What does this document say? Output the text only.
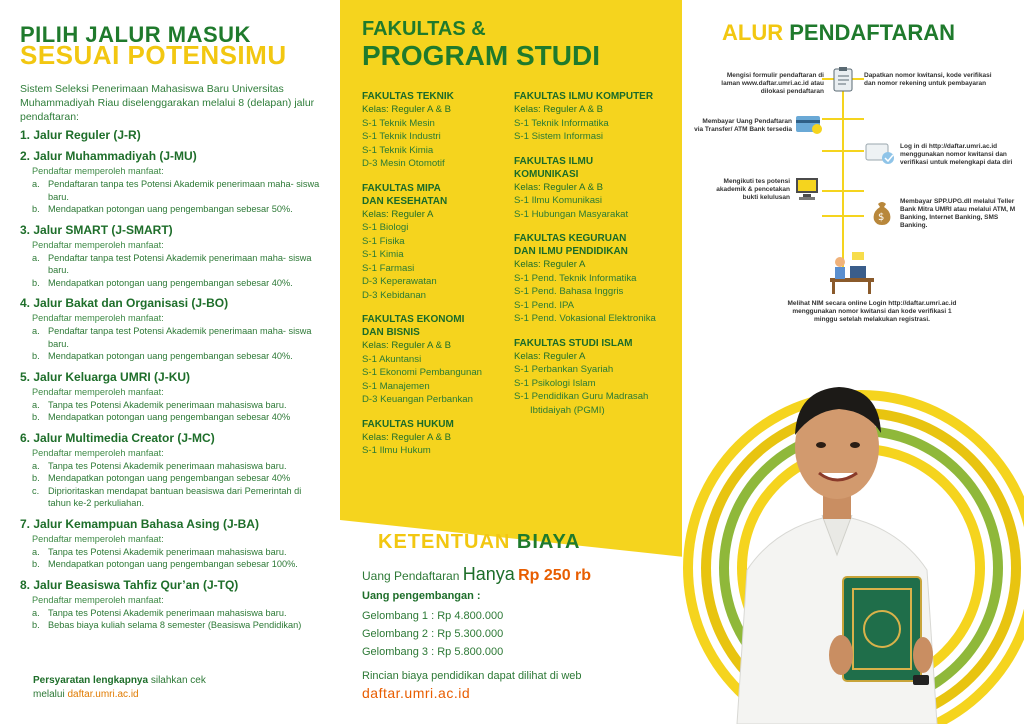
PILIH JALUR MASUK
SESUAI POTENSIMU
Sistem Seleksi Penerimaan Mahasiswa Baru Universitas Muhammadiyah Riau diselenggarakan melalui 8 (delapan) jalur pendaftaran:
1. Jalur Reguler (J-R)
2. Jalur Muhammadiyah (J-MU)
Pendaftar memperoleh manfaat:
a. Pendaftaran tanpa tes Potensi Akademik penerimaan maha- siswa baru.
b. Mendapatkan potongan uang pengembangan sebesar 50%.
3. Jalur SMART (J-SMART)
Pendaftar memperoleh manfaat:
a. Pendaftar tanpa test Potensi Akademik penerimaan maha- siswa baru.
b. Mendapatkan potongan uang pengembangan sebesar 40%.
4. Jalur Bakat dan Organisasi (J-BO)
Pendaftar memperoleh manfaat:
a. Pendaftar tanpa test Potensi Akademik penerimaan maha- siswa baru.
b. Mendapatkan potongan uang pengembangan sebesar 40%.
5. Jalur Keluarga UMRI (J-KU)
Pendaftar memperoleh manfaat:
a. Tanpa tes Potensi Akademik penerimaan mahasiswa baru.
b. Mendapatkan potongan uang pengembangan sebesar 40%
6. Jalur Multimedia Creator (J-MC)
Pendaftar memperoleh manfaat:
a. Tanpa tes Potensi Akademik penerimaan mahasiswa baru.
b. Mendapatkan potongan uang pengembangan sebesar 40%
c. Diprioritaskan mendapat bantuan beasiswa dari Pemerintah di tahun ke-2 perkuliahan.
7. Jalur Kemampuan Bahasa Asing (J-BA)
Pendaftar memperoleh manfaat:
a. Tanpa tes Potensi Akademik penerimaan mahasiswa baru.
b. Mendapatkan potongan uang pengembangan sebesar 100%.
8. Jalur Beasiswa Tahfiz Qur’an (J-TQ)
Pendaftar memperoleh manfaat:
a. Tanpa tes Potensi Akademik penerimaan mahasiswa baru.
b. Bebas biaya kuliah selama 8 semester (Beasiswa Pendidikan)
Persyaratan lengkapnya silahkan cek
melalui daftar.umri.ac.id
FAKULTAS &
PROGRAM STUDI
FAKULTAS TEKNIK
Kelas: Reguler A & B
S-1 Teknik Mesin
S-1 Teknik Industri
S-1 Teknik Kimia
D-3 Mesin Otomotif
FAKULTAS MIPA
DAN KESEHATAN
Kelas: Reguler A
S-1 Biologi
S-1 Fisika
S-1 Kimia
S-1 Farmasi
D-3 Keperawatan
D-3 Kebidanan
FAKULTAS EKONOMI
DAN BISNIS
Kelas: Reguler A & B
S-1 Akuntansi
S-1 Ekonomi Pembangunan
S-1 Manajemen
D-3 Keuangan Perbankan
FAKULTAS HUKUM
Kelas: Reguler A & B
S-1 Ilmu Hukum
FAKULTAS ILMU KOMPUTER
Kelas: Reguler A & B
S-1 Teknik Informatika
S-1 Sistem Informasi
FAKULTAS ILMU
KOMUNIKASI
Kelas: Reguler A & B
S-1 Ilmu Komunikasi
S-1 Hubungan Masyarakat
FAKULTAS KEGURUAN
DAN ILMU PENDIDIKAN
Kelas: Reguler A
S-1 Pend. Teknik Informatika
S-1 Pend. Bahasa Inggris
S-1 Pend. IPA
S-1 Pend. Vokasional Elektronika
FAKULTAS STUDI ISLAM
Kelas: Reguler A
S-1 Perbankan Syariah
S-1 Psikologi Islam
S-1 Pendidikan Guru Madrasah
Ibtidaiyah (PGMI)
KETENTUAN BIAYA
Uang Pendaftaran Hanya Rp 250 rb
Uang pengembangan :
Gelombang 1 : Rp 4.800.000
Gelombang 2 : Rp 5.300.000
Gelombang 3 : Rp 5.800.000
Rincian biaya pendidikan dapat dilihat di web
daftar.umri.ac.id
ALUR PENDAFTARAN
Mengisi formulir pendaftaran di laman www.daftar.umri.ac.id atau dilokasi pendaftaran
Dapatkan nomor kwitansi, kode verifikasi dan nomor rekening untuk pembayaran
Membayar Uang Pendaftaran via Transfer/ ATM Bank tersedia
Log in di http://daftar.umri.ac.id menggunakan nomor kwitansi dan verifikasi untuk melengkapi data diri
Mengikuti tes potensi akademik & pencetakan bukti kelulusan
Membayar SPP.UPG.dll melalui Teller Bank Mitra UMRI atau melalui ATM, M Banking, Internet Banking, SMS Banking.
$
Melihat NIM secara online Login http://daftar.umri.ac.id menggunakan nomor kwitansi dan kode verifikasi 1 minggu setelah melakukan registrasi.
